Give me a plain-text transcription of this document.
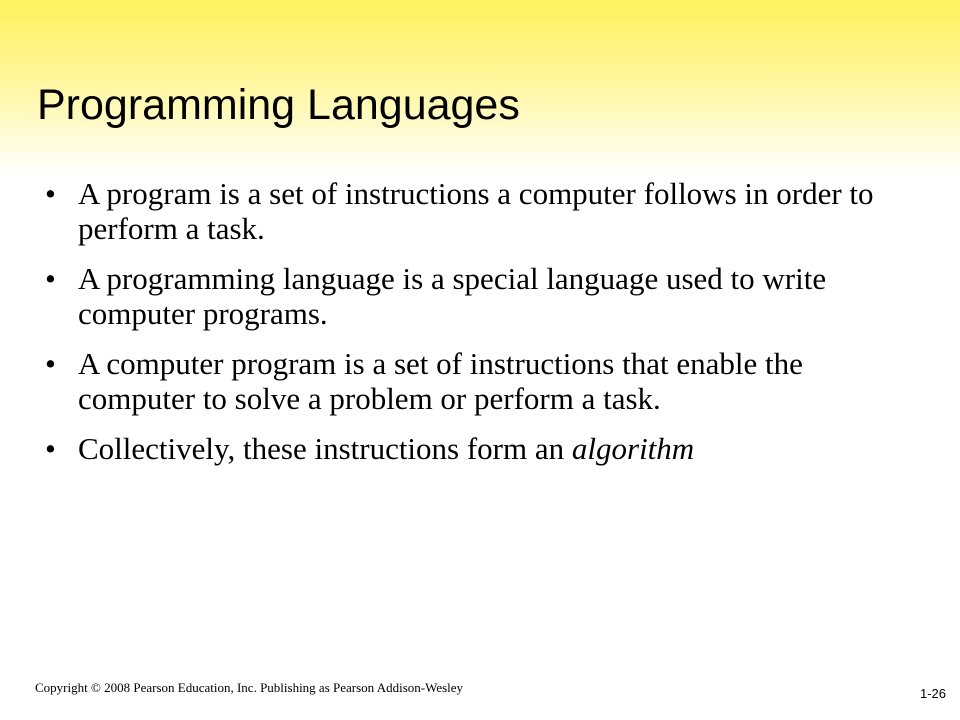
Programming Languages
• A program is a set of instructions a computer follows in order to perform a task.
• A programming language is a special language used to write computer programs.
• A computer program is a set of instructions that enable the computer to solve a problem or perform a task.
• Collectively, these instructions form an algorithm
Copyright © 2008 Pearson Education, Inc. Publishing as Pearson Addison-Wesley	1-26
